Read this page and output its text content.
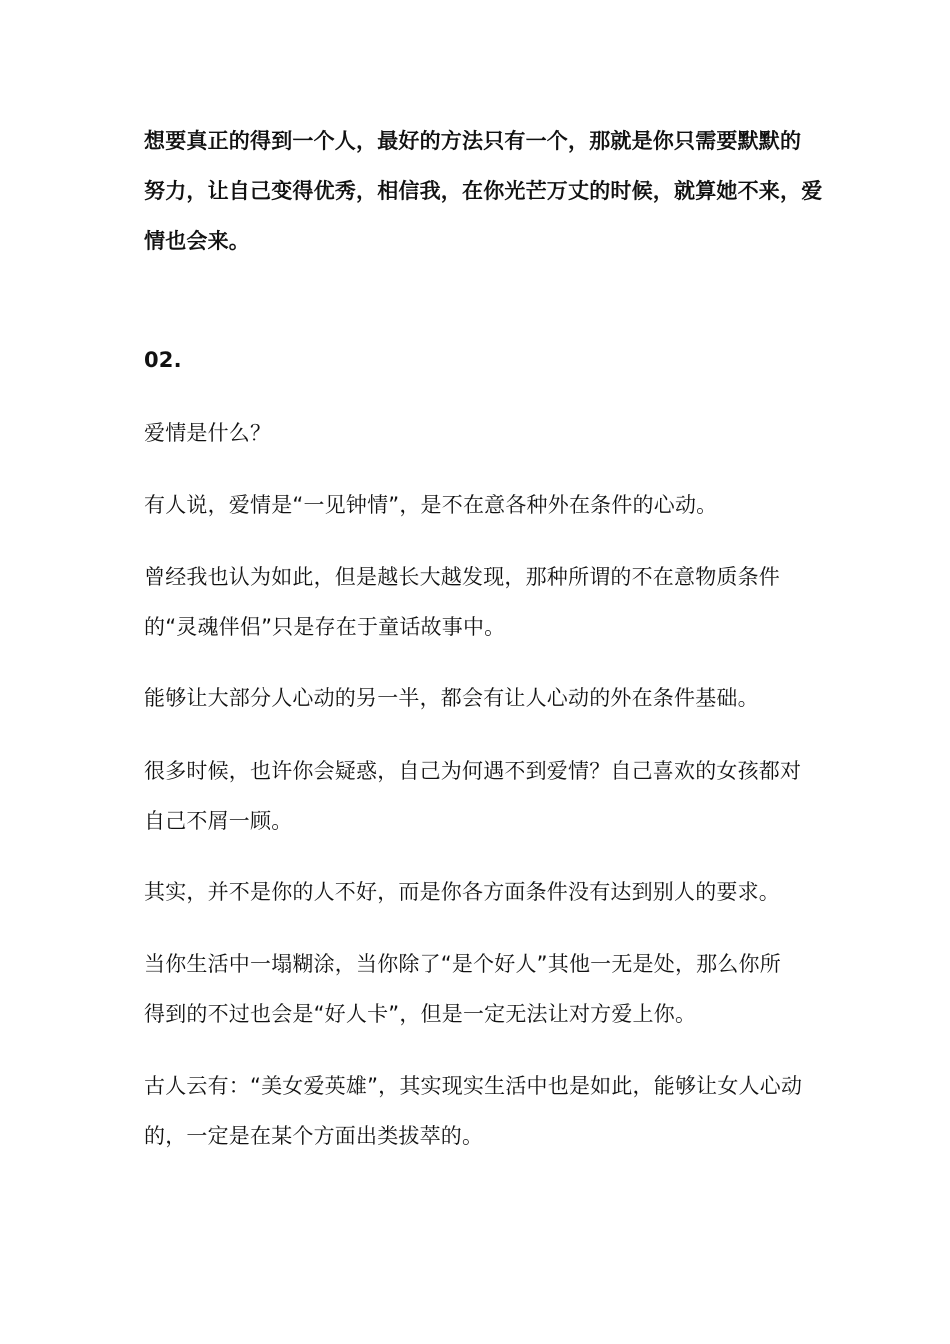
想要真正的得到一个人，最好的方法只有一个，那就是你只需要默默的
努力，让自己变得优秀，相信我，在你光芒万丈的时候，就算她不来，爱
情也会来。
02.
爱情是什么？
有人说，爱情是“一见钟情”，是不在意各种外在条件的心动。
曾经我也认为如此，但是越长大越发现，那种所谓的不在意物质条件
的“灵魂伴侣”只是存在于童话故事中。
能够让大部分人心动的另一半，都会有让人心动的外在条件基础。
很多时候，也许你会疑惑，自己为何遇不到爱情？自己喜欢的女孩都对
自己不屑一顾。
其实，并不是你的人不好，而是你各方面条件没有达到别人的要求。
当你生活中一塌糊涂，当你除了“是个好人”其他一无是处，那么你所
得到的不过也会是“好人卡”，但是一定无法让对方爱上你。
古人云有：“美女爱英雄”，其实现实生活中也是如此，能够让女人心动
的，一定是在某个方面出类拔萃的。
